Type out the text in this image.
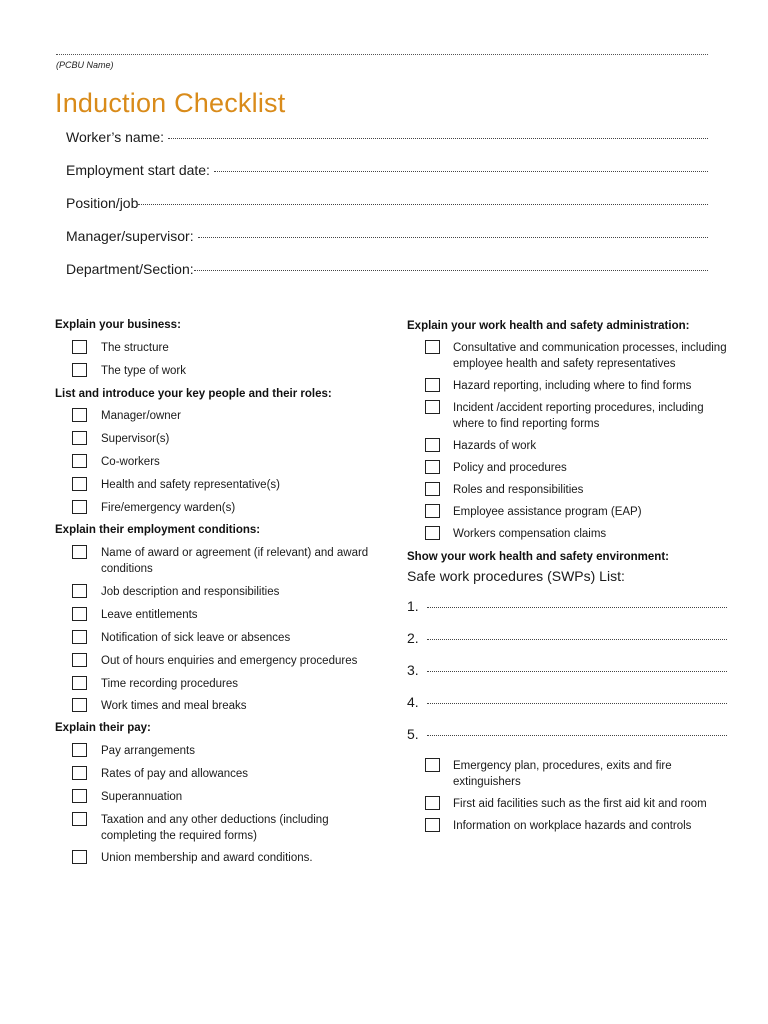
(PCBU Name)
Induction Checklist
Worker’s name:
Employment start date:
Position/job
Manager/supervisor:
Department/Section:
Explain your business:
The structure
The type of work
List and introduce your key people and their roles:
Manager/owner
Supervisor(s)
Co-workers
Health and safety representative(s)
Fire/emergency warden(s)
Explain their employment conditions:
Name of award or agreement (if relevant) and award conditions
Job description and responsibilities
Leave entitlements
Notification of sick leave or absences
Out of hours enquiries and emergency procedures
Time recording procedures
Work times and meal breaks
Explain their pay:
Pay arrangements
Rates of pay and allowances
Superannuation
Taxation and any other deductions (including completing the required forms)
Union membership and award conditions.
Explain your work health and safety administration:
Consultative and communication processes, including employee health and safety representatives
Hazard reporting, including where to find forms
Incident /accident reporting procedures, including where to find reporting forms
Hazards of work
Policy and procedures
Roles and responsibilities
Employee assistance program (EAP)
Workers compensation claims
Show your work health and safety environment:
Safe work procedures (SWPs) List:
1.
2.
3.
4.
5.
Emergency plan, procedures, exits and fire extinguishers
First aid facilities such as the first aid kit and room
Information on workplace hazards and controls
